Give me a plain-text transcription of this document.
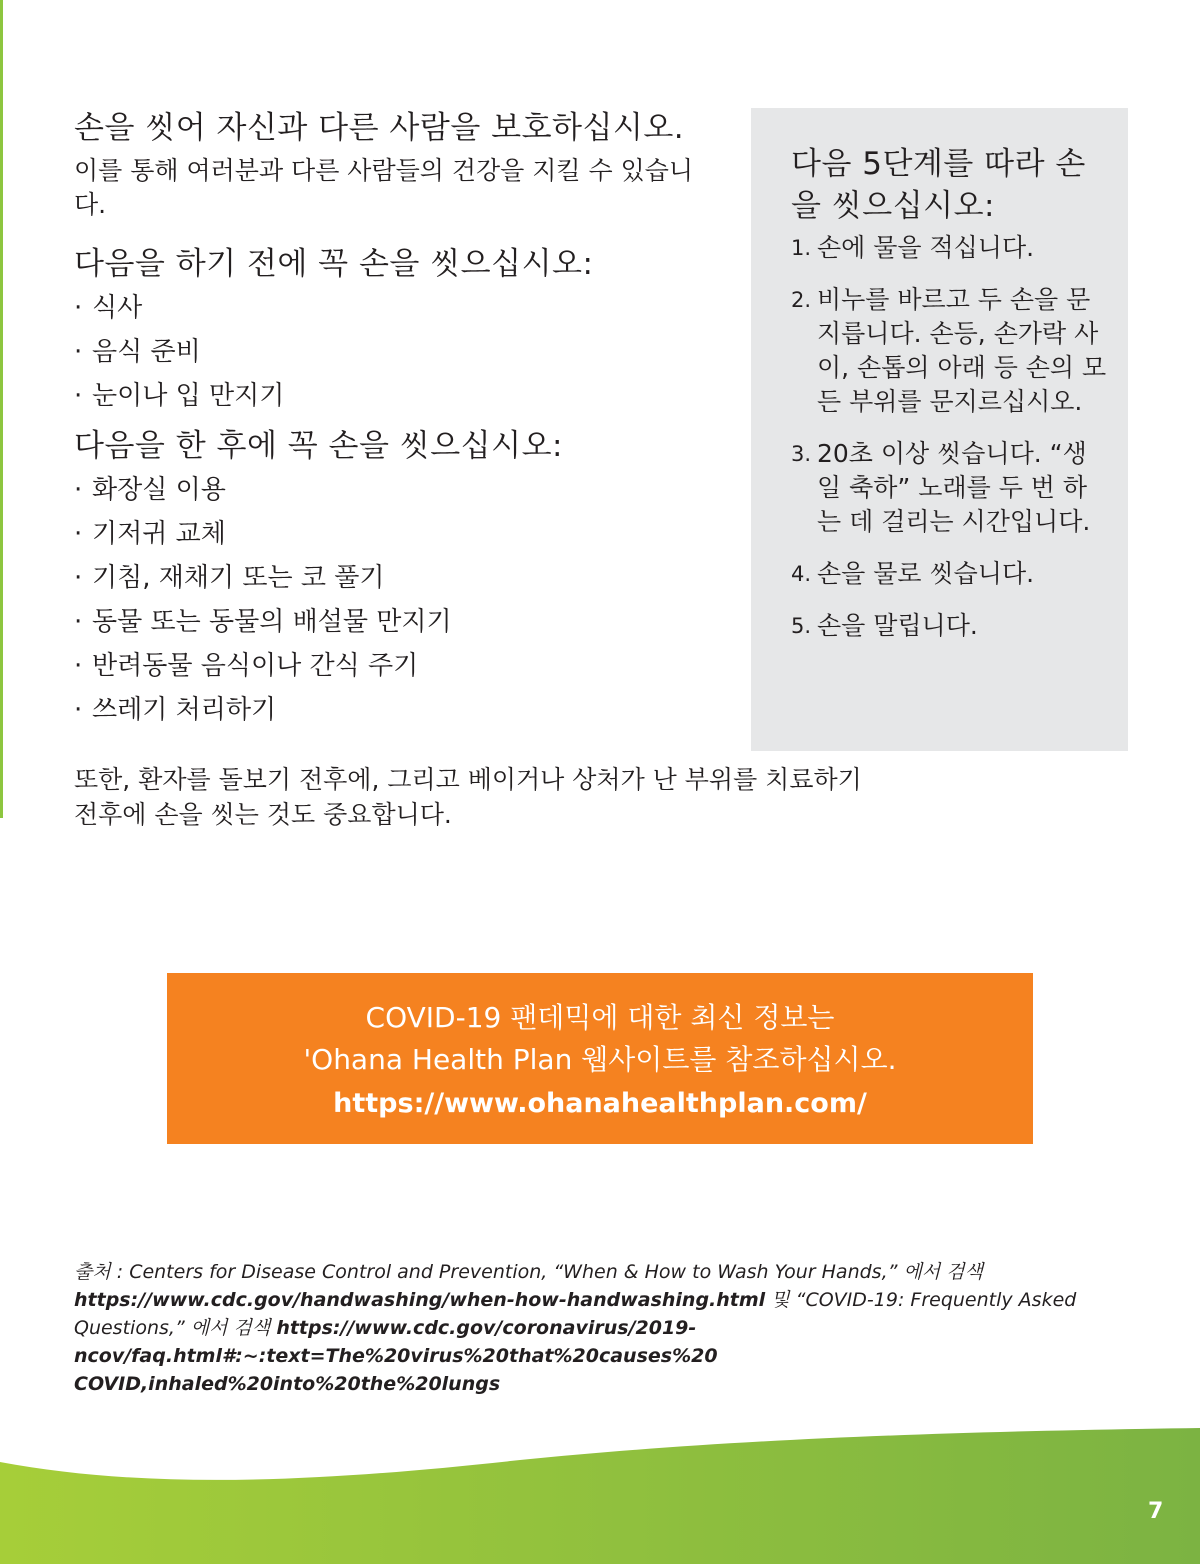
손을 씻어 자신과 다른 사람을 보호하십시오.

이를 통해 여러분과 다른 사람들의 건강을 지킬 수 있습니다.

다음을 하기 전에 꼭 손을 씻으십시오:
· 식사
· 음식 준비
· 눈이나 입 만지기
다음을 한 후에 꼭 손을 씻으십시오:
· 화장실 이용
· 기저귀 교체
· 기침, 재채기 또는 코 풀기
· 동물 또는 동물의 배설물 만지기
· 반려동물 음식이나 간식 주기
· 쓰레기 처리하기

또한, 환자를 돌보기 전후에, 그리고 베이거나 상처가 난 부위를 치료하기 전후에 손을 씻는 것도 중요합니다.

다음 5단계를 따라 손을 씻으십시오:
1. 손에 물을 적십니다.
2. 비누를 바르고 두 손을 문지릅니다. 손등, 손가락 사이, 손톱의 아래 등 손의 모든 부위를 문지르십시오.
3. 20초 이상 씻습니다. “생일 축하” 노래를 두 번 하는 데 걸리는 시간입니다.
4. 손을 물로 씻습니다.
5. 손을 말립니다.
COVID-19 팬데믹에 대한 최신 정보는
'Ohana Health Plan 웹사이트를 참조하십시오.
https://www.ohanahealthplan.com/

출처 : Centers for Disease Control and Prevention, “When & How to Wash Your Hands,” 에서 검색https://www.cdc.gov/handwashing/when-how-handwashing.html 및 “COVID-19: Frequently Asked Questions,” 에서 검색 https://www.cdc.gov/coronavirus/2019-ncov/faq.html#:~:text=The%20virus%20that%20causes%20 COVID,inhaled%20into%20the%20lungs

7
